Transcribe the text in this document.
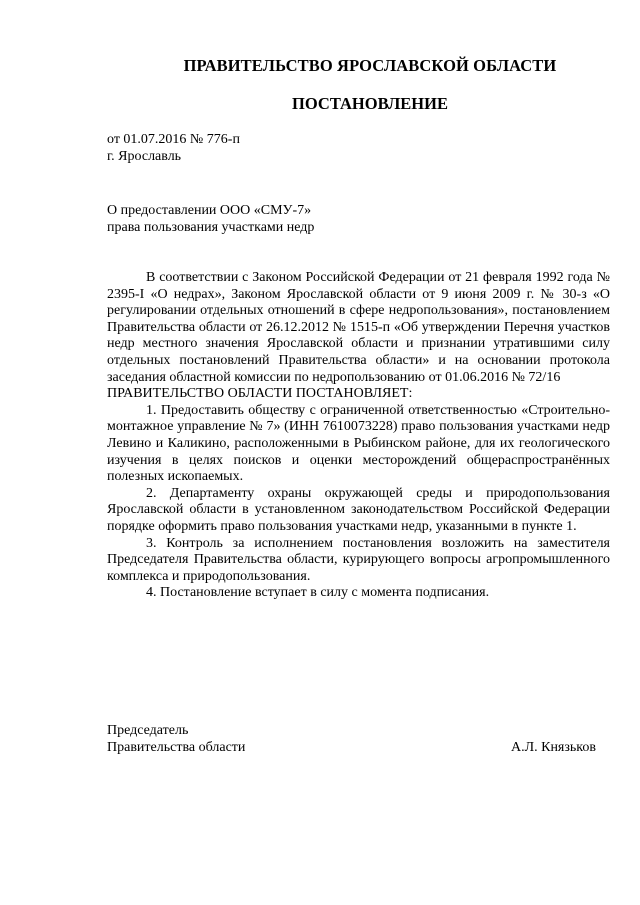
ПРАВИТЕЛЬСТВО ЯРОСЛАВСКОЙ ОБЛАСТИ
ПОСТАНОВЛЕНИЕ
от 01.07.2016 № 776-п
г. Ярославль
О предоставлении ООО «СМУ-7»
права пользования участками недр

В соответствии с Законом Российской Федерации от 21 февраля 1992 года № 2395-I «О недрах», Законом Ярославской области от 9 июня 2009 г. № 30-з «О регулировании отдельных отношений в сфере недропользования», постановлением Правительства области от 26.12.2012 № 1515-п «Об утверждении Перечня участков недр местного значения Ярославской области и признании утратившими силу отдельных постановлений Правительства области» и на основании протокола заседания областной комиссии по недропользованию от 01.06.2016 № 72/16

ПРАВИТЕЛЬСТВО ОБЛАСТИ ПОСТАНОВЛЯЕТ:

1. Предоставить обществу с ограниченной ответственностью «Строительно-монтажное управление № 7» (ИНН 7610073228) право пользования участками недр Левино и Каликино, расположенными в Рыбинском районе, для их геологического изучения в целях поисков и оценки месторождений общераспространённых полезных ископаемых.

2. Департаменту охраны окружающей среды и природопользования Ярославской области в установленном законодательством Российской Федерации порядке оформить право пользования участками недр, указанными в пункте 1.

3. Контроль за исполнением постановления возложить на заместителя Председателя Правительства области, курирующего вопросы агропромышленного комплекса и природопользования.

4. Постановление вступает в силу с момента подписания.

Председатель
Правительства области	А.Л. Князьков
